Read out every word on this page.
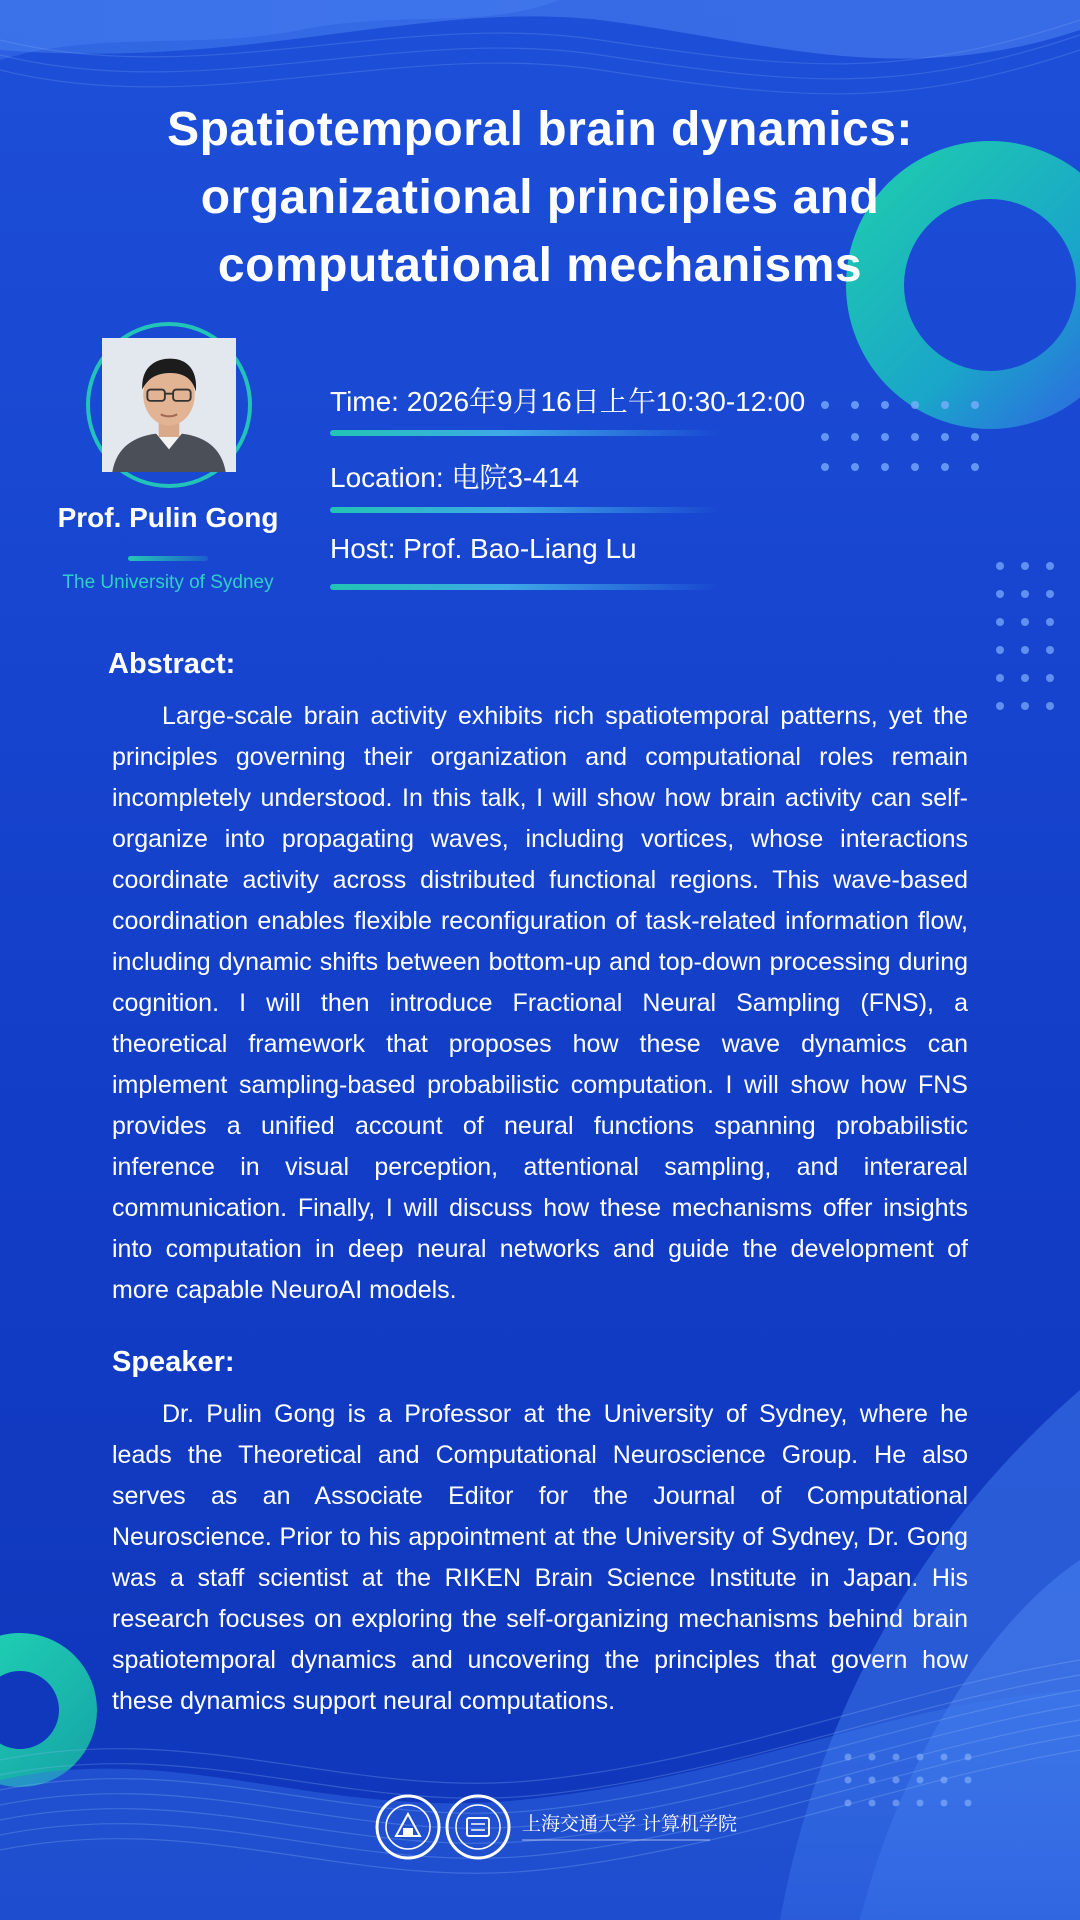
Spatiotemporal brain dynamics:
organizational principles and
computational mechanisms
Prof. Pulin Gong
The University of Sydney
Time: 2026年9月16日上午10:30-12:00
Location: 电院3-414
Host: Prof. Bao-Liang Lu
Abstract:

Large-scale brain activity exhibits rich spatiotemporal patterns, yet the principles governing their organization and computational roles remain incompletely understood. In this talk, I will show how brain activity can self-organize into propagating waves, including vortices, whose interactions coordinate activity across distributed functional regions. This wave-based coordination enables flexible reconfiguration of task-related information flow, including dynamic shifts between bottom-up and top-down processing during cognition. I will then introduce Fractional Neural Sampling (FNS), a theoretical framework that proposes how these wave dynamics can implement sampling-based probabilistic computation. I will show how FNS provides a unified account of neural functions spanning probabilistic inference in visual perception, attentional sampling, and interareal communication. Finally, I will discuss how these mechanisms offer insights into computation in deep neural networks and guide the development of more capable NeuroAI models.

Speaker:

Dr. Pulin Gong is a Professor at the University of Sydney, where he leads the Theoretical and Computational Neuroscience Group. He also serves as an Associate Editor for the Journal of Computational Neuroscience. Prior to his appointment at the University of Sydney, Dr. Gong was a staff scientist at the RIKEN Brain Science Institute in Japan. His research focuses on exploring the self-organizing mechanisms behind brain spatiotemporal dynamics and uncovering the principles that govern how these dynamics support neural computations.

上海交通大学 计算机学院
